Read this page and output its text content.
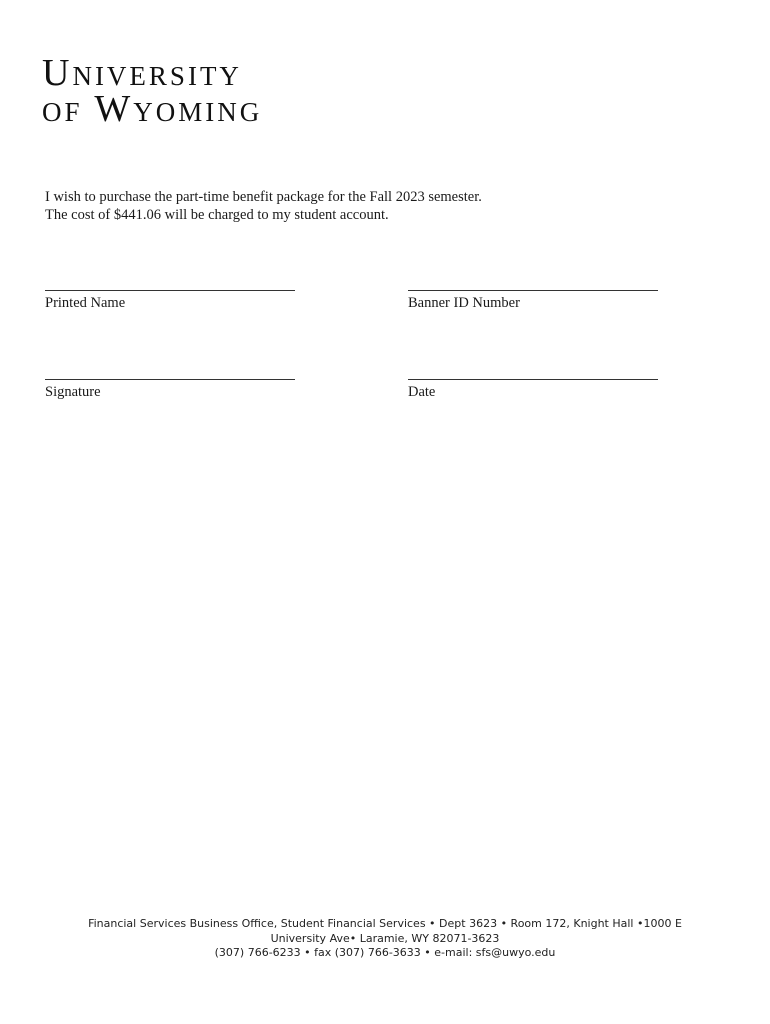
University
of Wyoming

I wish to purchase the part-time benefit package for the Fall 2023 semester.

The cost of $441.06 will be charged to my student account.

Printed Name	Banner ID Number
Signature	Date
Financial Services Business Office, Student Financial Services • Dept 3623 • Room 172, Knight Hall •1000 E
University Ave• Laramie, WY 82071-3623
(307) 766-6233 • fax (307) 766-3633 • e-mail: sfs@uwyo.edu
